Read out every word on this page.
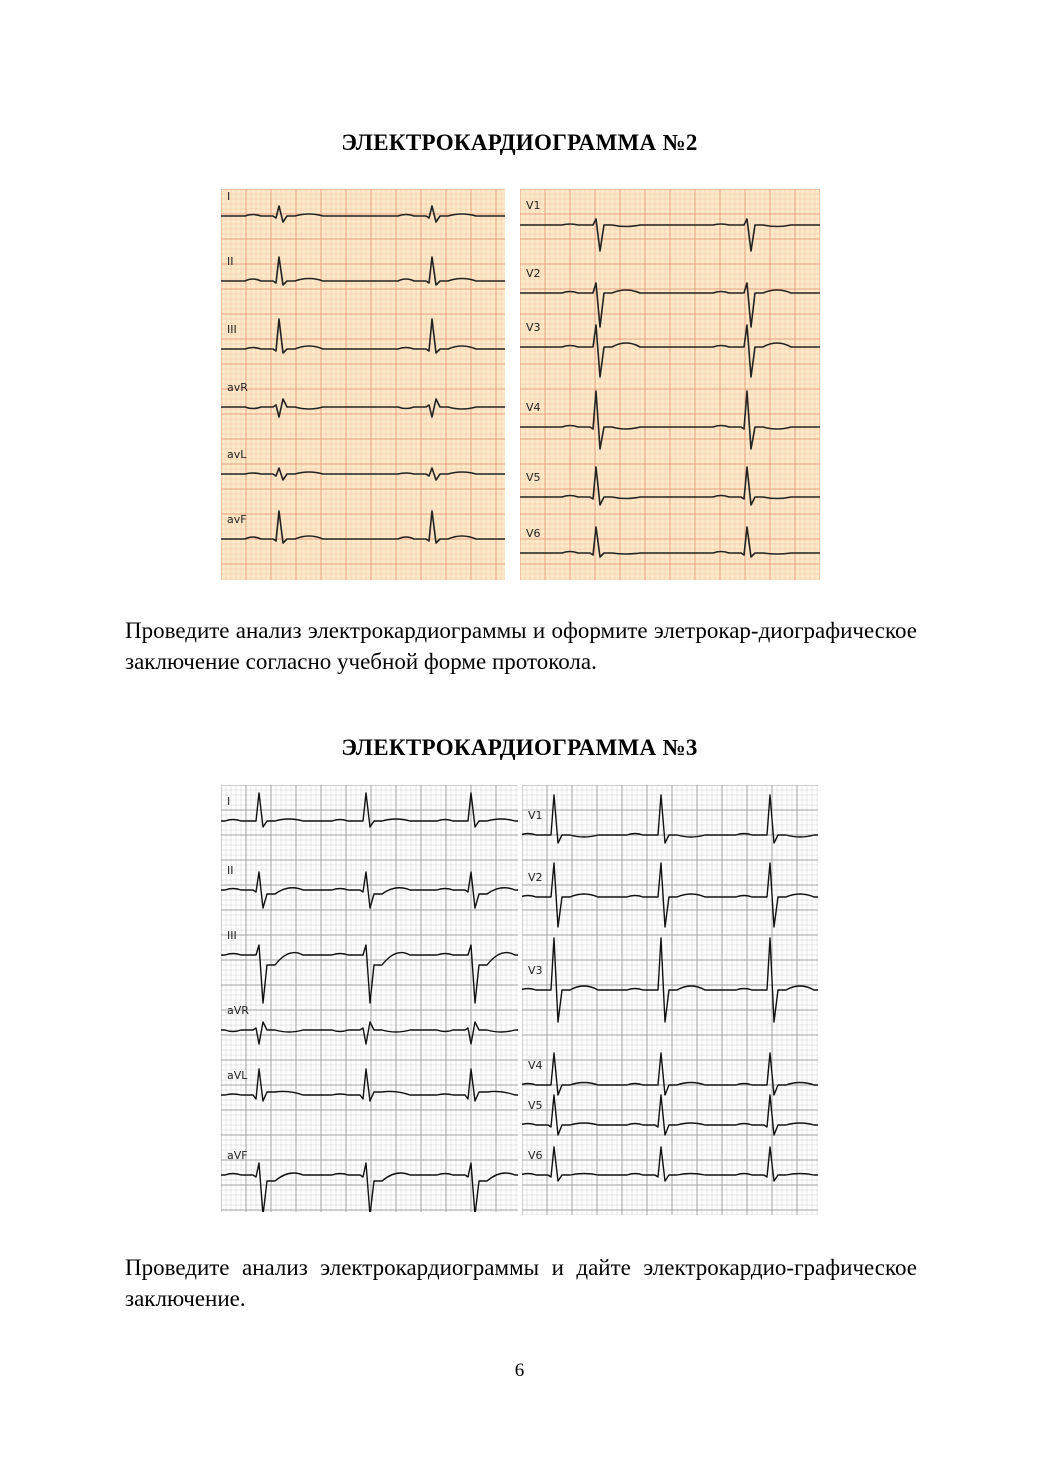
ЭЛЕКТРОКАРДИОГРАММА №2
I
II
III
avR
avL
avF
V1
V2
V3
V4
V5
V6
Проведите анализ электрокардиограммы и оформите элетрокар-диографическое заключение согласно учебной форме протокола.
ЭЛЕКТРОКАРДИОГРАММА №3
I
II
III
aVR
aVL
aVF
V1
V2
V3
V4
V5
V6
Проведите анализ электрокардиограммы и дайте электрокардио-графическое заключение.
6
